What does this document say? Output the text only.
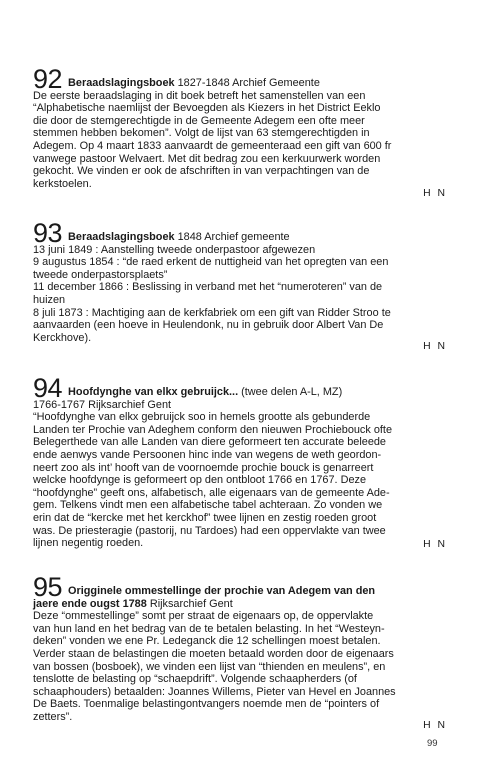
92 Beraadslagingsboek 1827-1848 Archief Gemeente

De eerste beraadslaging in dit boek betreft het samenstellen van een
“Alphabetische naemlijst der Bevoegden als Kiezers in het District Eeklo
die door de stemgerechtigde in de Gemeente Adegem een ofte meer
stemmen hebben bekomen”. Volgt de lijst van 63 stemgerechtigden in
Adegem. Op 4 maart 1833 aanvaardt de gemeenteraad een gift van 600 fr
vanwege pastoor Welvaert. Met dit bedrag zou een kerkuurwerk worden
gekocht. We vinden er ook de afschriften in van verpachtingen van de
kerkstoelen.

H N
93 Beraadslagingsboek 1848 Archief gemeente

13 juni 1849 : Aanstelling tweede onderpastoor afgewezen
9 augustus 1854 : “de raed erkent de nuttigheid van het opregten van een
tweede onderpastorsplaets”
11 december 1866 : Beslissing in verband met het “numeroteren” van de
huizen
8 juli 1873 : Machtiging aan de kerkfabriek om een gift van Ridder Stroo te
aanvaarden (een hoeve in Heulendonk, nu in gebruik door Albert Van De
Kerckhove).

H N
94 Hoofdynghe van elkx gebruijck... (twee delen A-L, MZ)
1766-1767 Rijksarchief Gent

“Hoofdynghe van elkx gebruijck soo in hemels grootte als gebunderde
Landen ter Prochie van Adeghem conform den nieuwen Prochiebouck ofte
Belegerthede van alle Landen van diere geformeert ten accurate beleede
ende aenwys vande Persoonen hinc inde van wegens de weth geordon-
neert zoo als int’ hooft van de voornoemde prochie bouck is genarreert
welcke hoofdynge is geformeert op den ontbloot 1766 en 1767. Deze
“hoofdynghe” geeft ons, alfabetisch, alle eigenaars van de gemeente Ade-
gem. Telkens vindt men een alfabetische tabel achteraan. Zo vonden we
erin dat de “kercke met het kerckhof” twee lijnen en zestig roeden groot
was. De priesteragie (pastorij, nu Tardoes) had een oppervlakte van twee
lijnen negentig roeden.	H N
95 Origginele ommestellinge der prochie van Adegem van den
jaere ende ougst 1788 Rijksarchief Gent

Deze “ommestellinge” somt per straat de eigenaars op, de oppervlakte
van hun land en het bedrag van de te betalen belasting. In het “Westeyn-
deken” vonden we ene Pr. Ledeganck die 12 schellingen moest betalen.
Verder staan de belastingen die moeten betaald worden door de eigenaars
van bossen (bosboek), we vinden een lijst van “thienden en meulens”, en
tenslotte de belasting op “schaepdrift”. Volgende schaapherders (of
schaaphouders) betaalden: Joannes Willems, Pieter van Hevel en Joannes
De Baets. Toenmalige belastingontvangers noemde men de “pointers of
zetters”.

H N
99
